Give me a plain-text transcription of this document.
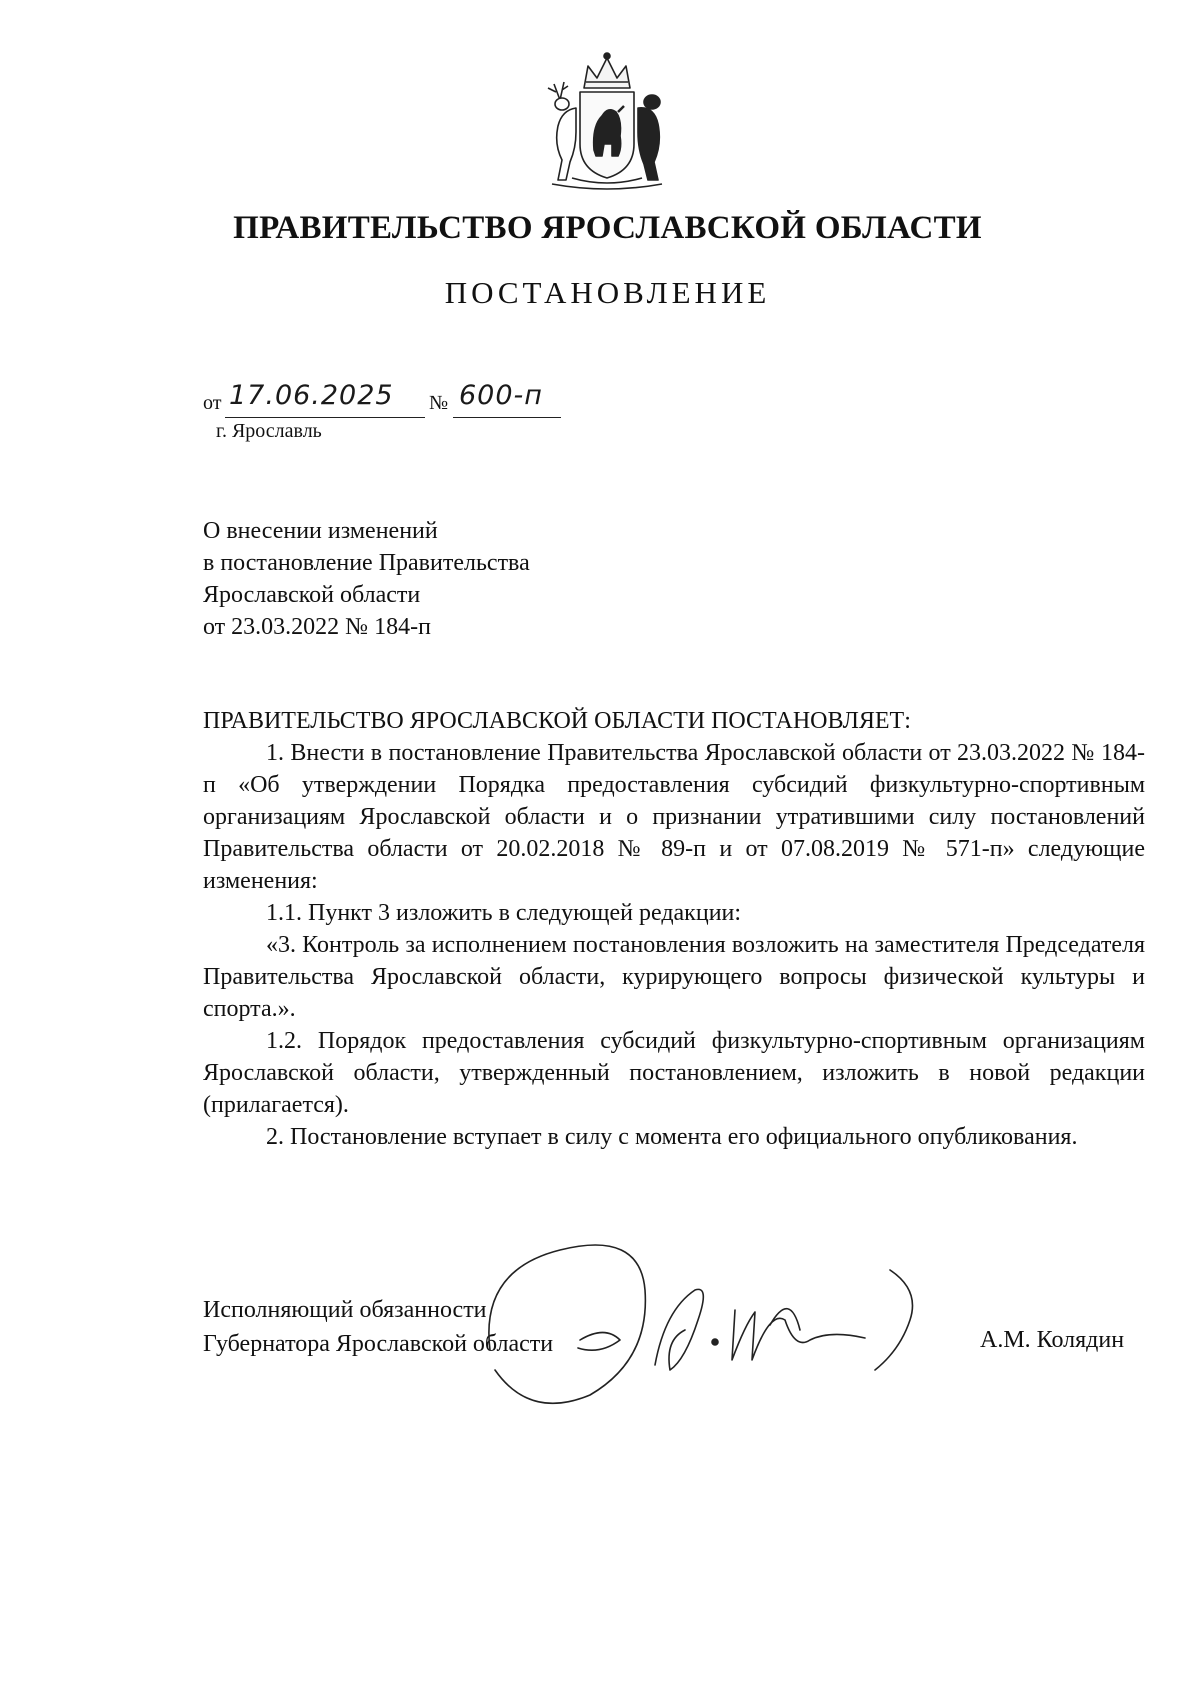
ПРАВИТЕЛЬСТВО ЯРОСЛАВСКОЙ ОБЛАСТИ
ПОСТАНОВЛЕНИЕ
от 17.06.2025 № 600-п
г. Ярославль
О внесении изменений
в постановление Правительства
Ярославской области
от 23.03.2022 № 184-п

ПРАВИТЕЛЬСТВО ЯРОСЛАВСКОЙ ОБЛАСТИ ПОСТАНОВЛЯЕТ:

1. Внести в постановление Правительства Ярославской области от 23.03.2022 № 184-п «Об утверждении Порядка предоставления субсидий физкультурно-спортивным организациям Ярославской области и о признании утратившими силу постановлений Правительства области от 20.02.2018 № 89-п и от 07.08.2019 № 571-п» следующие изменения:

1.1. Пункт 3 изложить в следующей редакции:

«3. Контроль за исполнением постановления возложить на заместителя Председателя Правительства Ярославской области, курирующего вопросы физической культуры и спорта.».

1.2. Порядок предоставления субсидий физкультурно-спортивным организациям Ярославской области, утвержденный постановлением, изложить в новой редакции (прилагается).

2. Постановление вступает в силу с момента его официального опубликования.

Исполняющий обязанности
Губернатора Ярославской области	А.М. Колядин
